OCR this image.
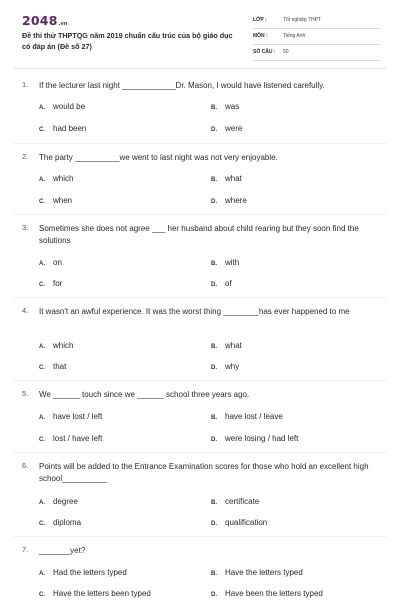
2048 .vn
Đề thi thử THPTQG năm 2019 chuẩn cấu trúc của bộ giáo dục có đáp án (Đề số 27)
LỚP :	Tốt nghiệp THPT
MÔN :	Tiếng Anh
SỐ CÂU : 50
1. If the lecturer last night ____________Dr. Mason, I would have listened carefully.
A. would be	B. was
C. had been	D. were
2. The party __________we went to last night was not very enjoyable.
A. which	B. what
C. when	D. where
3. Sometimes she does not agree ___ her husband about child rearing but they soon find the solutions
A. on	B. with
C. for	D. of
4. It wasn't an awful experience. It was the worst thing ________has ever happened to me
A. which	B. what
C. that	D. why
5. We ______ touch since we ______ school three years ago.
A. have lost / left	B. have lost / leave
C. lost / have left	D. were losing / had left
6. Points will be added to the Entrance Examination scores for those who hold an excellent high school__________
A. degree	B. certificate
C. diploma	D. qualification
7. _______yet?
A. Had the letters typed	B. Have the letters typed
C. Have the letters been typed	D. Have been the letters typed
